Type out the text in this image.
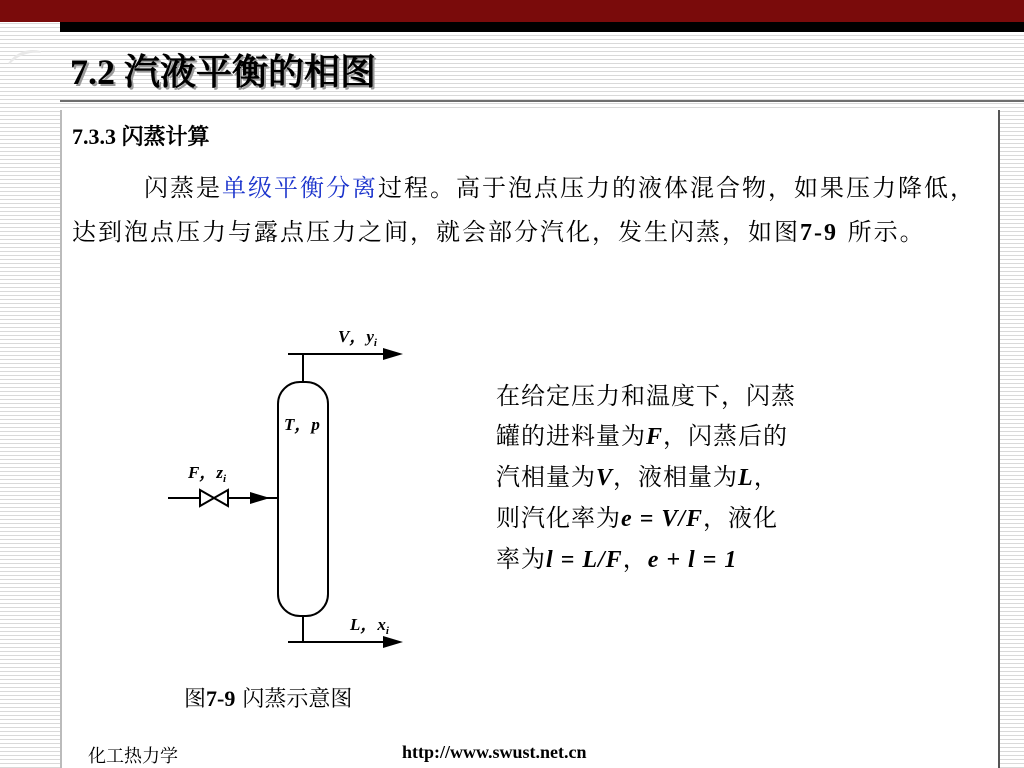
⌒ 7.2 汽液平衡的相图
7.3.3 闪蒸计算
闪蒸是单级平衡分离过程。高于泡点压力的液体混合物，如果压力降低，达到泡点压力与露点压力之间，就会部分汽化，发生闪蒸，如图7-9 所示。
V，$y_i$
T，p
F，$z_i$
L，$x_i$
图7-9 闪蒸示意图
在给定压力和温度下，闪蒸
罐的进料量为F，闪蒸后的
汽相量为V，液相量为L，
则汽化率为e = V/F，液化
率为l = L/F，e + l = 1
化工热力学	http://www.swust.net.cn
